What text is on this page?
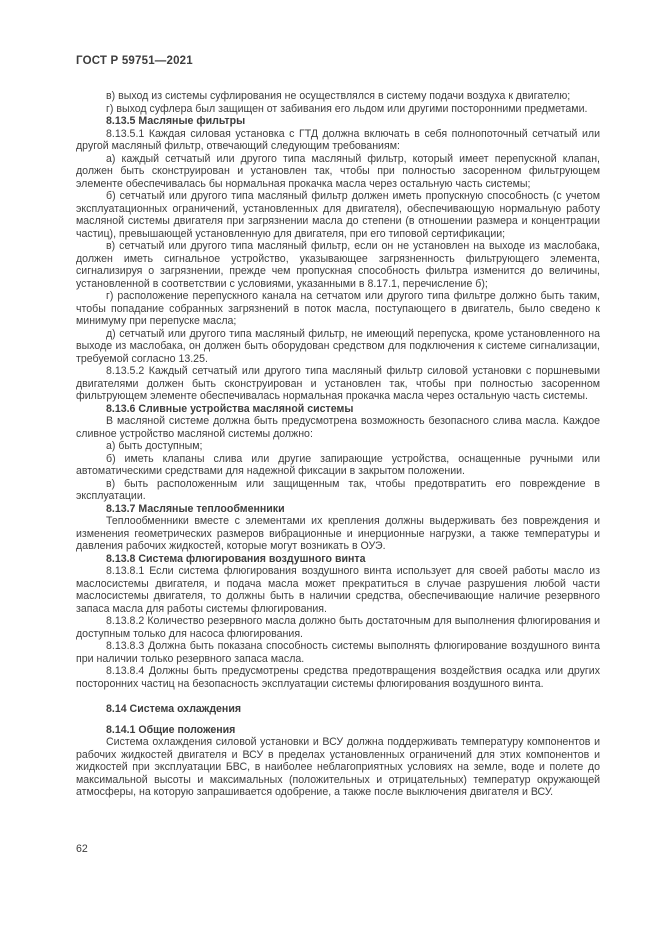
ГОСТ Р 59751—2021

в) выход из системы суфлирования не осуществлялся в систему подачи воздуха к двигателю;

г) выход суфлера был защищен от забивания его льдом или другими посторонними предметами.

8.13.5 Масляные фильтры

8.13.5.1 Каждая силовая установка с ГТД должна включать в себя полнопоточный сетчатый или другой масляный фильтр, отвечающий следующим требованиям:

а) каждый сетчатый или другого типа масляный фильтр, который имеет перепускной клапан, должен быть сконструирован и установлен так, чтобы при полностью засоренном фильтрующем элементе обеспечивалась бы нормальная прокачка масла через остальную часть системы;

б) сетчатый или другого типа масляный фильтр должен иметь пропускную способность (с учетом эксплуатационных ограничений, установленных для двигателя), обеспечивающую нормальную работу масляной системы двигателя при загрязнении масла до степени (в отношении размера и концентрации частиц), превышающей установленную для двигателя, при его типовой сертификации;

в) сетчатый или другого типа масляный фильтр, если он не установлен на выходе из маслобака, должен иметь сигнальное устройство, указывающее загрязненность фильтрующего элемента, сигнализируя о загрязнении, прежде чем пропускная способность фильтра изменится до величины, установленной в соответствии с условиями, указанными в 8.17.1, перечисление б);

г) расположение перепускного канала на сетчатом или другого типа фильтре должно быть таким, чтобы попадание собранных загрязнений в поток масла, поступающего в двигатель, было сведено к минимуму при перепуске масла;

д) сетчатый или другого типа масляный фильтр, не имеющий перепуска, кроме установленного на выходе из маслобака, он должен быть оборудован средством для подключения к системе сигнализации, требуемой согласно 13.25.

8.13.5.2 Каждый сетчатый или другого типа масляный фильтр силовой установки с поршневыми двигателями должен быть сконструирован и установлен так, чтобы при полностью засоренном фильтрующем элементе обеспечивалась нормальная прокачка масла через остальную часть системы.

8.13.6 Сливные устройства масляной системы

В масляной системе должна быть предусмотрена возможность безопасного слива масла. Каждое сливное устройство масляной системы должно:

а) быть доступным;

б) иметь клапаны слива или другие запирающие устройства, оснащенные ручными или автоматическими средствами для надежной фиксации в закрытом положении.

в) быть расположенным или защищенным так, чтобы предотвратить его повреждение в эксплуатации.

8.13.7 Масляные теплообменники

Теплообменники вместе с элементами их крепления должны выдерживать без повреждения и изменения геометрических размеров вибрационные и инерционные нагрузки, а также температуры и давления рабочих жидкостей, которые могут возникать в ОУЭ.

8.13.8 Система флюгирования воздушного винта

8.13.8.1 Если система флюгирования воздушного винта использует для своей работы масло из маслосистемы двигателя, и подача масла может прекратиться в случае разрушения любой части маслосистемы двигателя, то должны быть в наличии средства, обеспечивающие наличие резервного запаса масла для работы системы флюгирования.

8.13.8.2 Количество резервного масла должно быть достаточным для выполнения флюгирования и доступным только для насоса флюгирования.

8.13.8.3 Должна быть показана способность системы выполнять флюгирование воздушного винта при наличии только резервного запаса масла.

8.13.8.4 Должны быть предусмотрены средства предотвращения воздействия осадка или других посторонних частиц на безопасность эксплуатации системы флюгирования воздушного винта.

8.14 Система охлаждения

8.14.1 Общие положения

Система охлаждения силовой установки и ВСУ должна поддерживать температуру компонентов и рабочих жидкостей двигателя и ВСУ в пределах установленных ограничений для этих компонентов и жидкостей при эксплуатации БВС, в наиболее неблагоприятных условиях на земле, воде и полете до максимальной высоты и максимальных (положительных и отрицательных) температур окружающей атмосферы, на которую запрашивается одобрение, а также после выключения двигателя и ВСУ.

62
